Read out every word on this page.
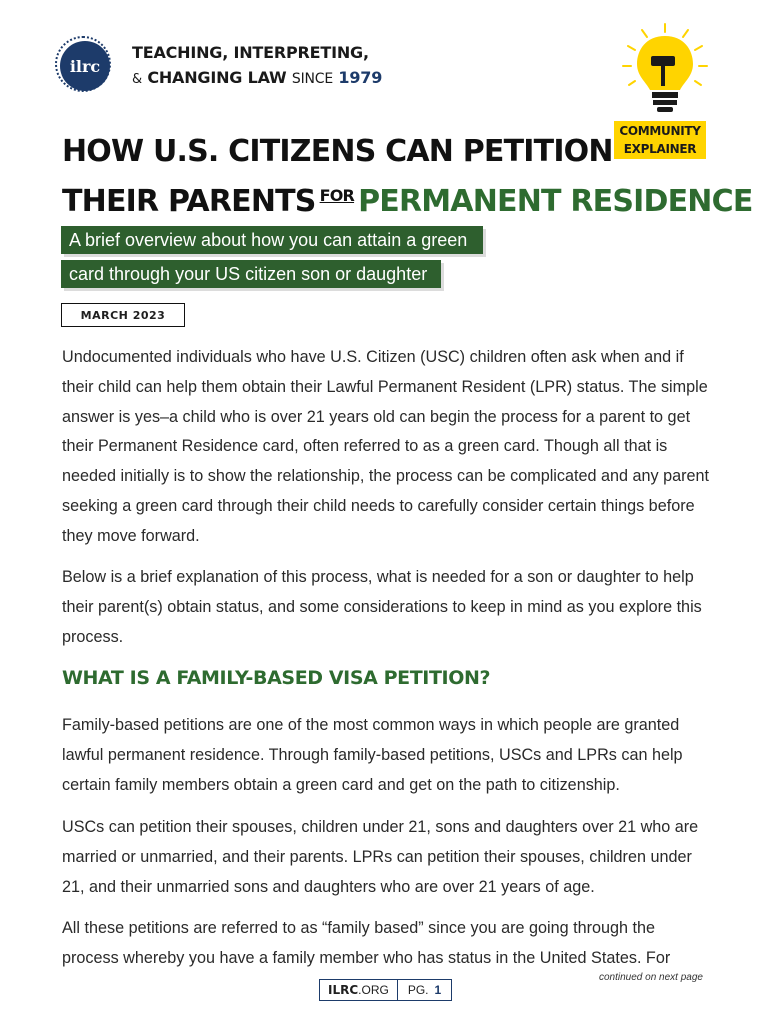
ilrc
TEACHING, INTERPRETING,
& CHANGING LAW SINCE 1979
COMMUNITY
EXPLAINER
HOW U.S. CITIZENS CAN PETITION
THEIR PARENTS $^{FOR}$ PERMANENT RESIDENCE
A brief overview about how you can attain a green
card through your US citizen son or daughter
MARCH 2023
Undocumented individuals who have U.S. Citizen (USC) children often ask when and if their child can help them obtain their Lawful Permanent Resident (LPR) status. The simple answer is yes–a child who is over 21 years old can begin the process for a parent to get their Permanent Residence card, often referred to as a green card. Though all that is needed initially is to show the relationship, the process can be complicated and any parent seeking a green card through their child needs to carefully consider certain things before they move forward.
Below is a brief explanation of this process, what is needed for a son or daughter to help their parent(s) obtain status, and some considerations to keep in mind as you explore this process.
WHAT IS A FAMILY-BASED VISA PETITION?
Family-based petitions are one of the most common ways in which people are granted lawful permanent residence. Through family-based petitions, USCs and LPRs can help certain family members obtain a green card and get on the path to citizenship.
USCs can petition their spouses, children under 21, sons and daughters over 21 who are married or unmarried, and their parents. LPRs can petition their spouses, children under 21, and their unmarried sons and daughters who are over 21 years of age.
All these petitions are referred to as “family based” since you are going through the process whereby you have a family member who has status in the United States. For
continued on next page
ILRC .ORG PG. 1
